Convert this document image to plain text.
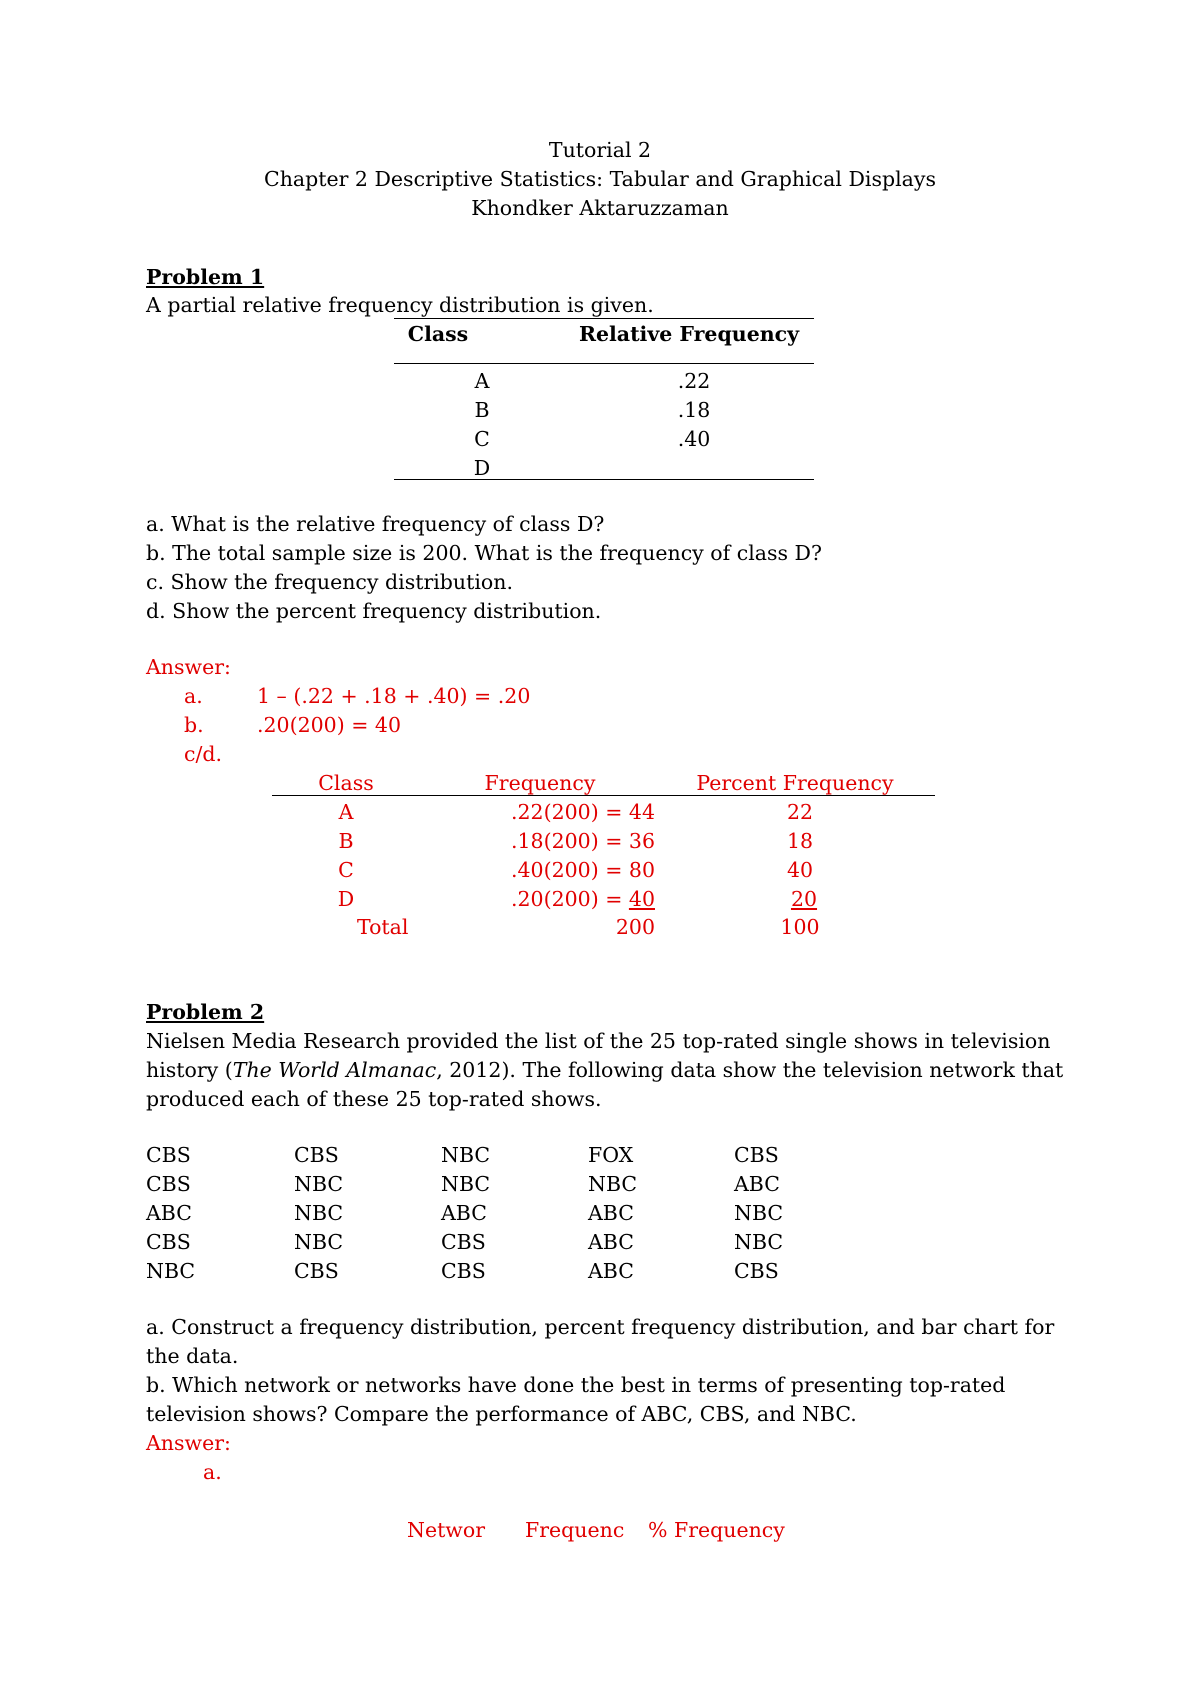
Tutorial 2
Chapter 2 Descriptive Statistics: Tabular and Graphical Displays
Khondker Aktaruzzaman
Problem 1
A partial relative frequency distribution is given.
Class	Relative Frequency
A	.22
B	.18
C	.40
D
a. What is the relative frequency of class D?
b. The total sample size is 200. What is the frequency of class D?
c. Show the frequency distribution.
d. Show the percent frequency distribution.
Answer:
a.	1 – (.22 + .18 + .40) = .20
b.	.20(200) = 40
c/d.
Class	Frequency	Percent Frequency
A	.22(200) = 44	22
B	.18(200) = 36	18
C	.40(200) = 80	40
D	.20(200) = 40	20
Total	200	100
Problem 2
Nielsen Media Research provided the list of the 25 top-rated single shows in television
history (The World Almanac, 2012). The following data show the television network that
produced each of these 25 top-rated shows.
CBS	CBS	NBC	FOX	CBS
CBS	NBC	NBC	NBC	ABC
ABC	NBC	ABC	ABC	NBC
CBS	NBC	CBS	ABC	NBC
NBC	CBS	CBS	ABC	CBS
a. Construct a frequency distribution, percent frequency distribution, and bar chart for
the data.
b. Which network or networks have done the best in terms of presenting top-rated
television shows? Compare the performance of ABC, CBS, and NBC.
Answer:
a.
Networ Frequenc % Frequency
